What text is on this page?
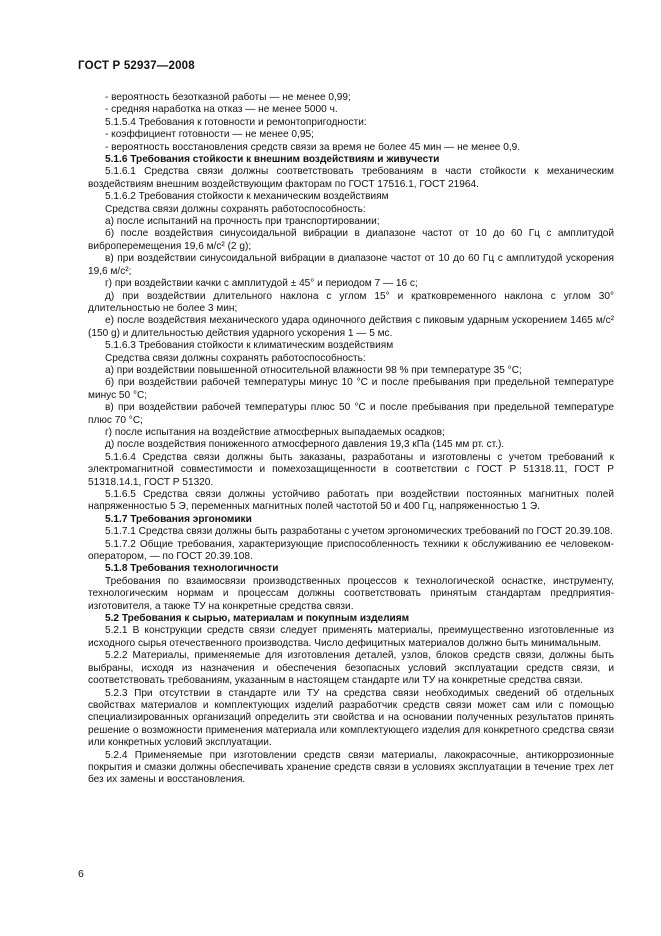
ГОСТ Р 52937—2008

- вероятность безотказной работы — не менее 0,99;

- средняя наработка на отказ — не менее 5000 ч.

5.1.5.4 Требования к готовности и ремонтопригодности:

- коэффициент готовности — не менее 0,95;

- вероятность восстановления средств связи за время не более 45 мин — не менее 0,9.

5.1.6 Требования стойкости к внешним воздействиям и живучести

5.1.6.1 Средства связи должны соответствовать требованиям в части стойкости к механическим воздействиям внешним воздействующим факторам по ГОСТ 17516.1, ГОСТ 21964.

5.1.6.2 Требования стойкости к механическим воздействиям

Средства связи должны сохранять работоспособность:

а) после испытаний на прочность при транспортировании;

б) после воздействия синусоидальной вибрации в диапазоне частот от 10 до 60 Гц с амплитудой виброперемещения 19,6 м/с² (2 g);

в) при воздействии синусоидальной вибрации в диапазоне частот от 10 до 60 Гц с амплитудой ускорения 19,6 м/с²;

г) при воздействии качки с амплитудой ± 45° и периодом 7 — 16 с;

д) при воздействии длительного наклона с углом 15° и кратковременного наклона с углом 30° длительностью не более 3 мин;

е) после воздействия механического удара одиночного действия с пиковым ударным ускорением 1465 м/с² (150 g) и длительностью действия ударного ускорения 1 — 5 мс.

5.1.6.3 Требования стойкости к климатическим воздействиям

Средства связи должны сохранять работоспособность:

а) при воздействии повышенной относительной влажности 98 % при температуре 35 °С;

б) при воздействии рабочей температуры минус 10 °С и после пребывания при предельной температуре минус 50 °С;

в) при воздействии рабочей температуры плюс 50 °С и после пребывания при предельной температуре плюс 70 °С;

г) после испытания на воздействие атмосферных выпадаемых осадков;

д) после воздействия пониженного атмосферного давления 19,3 кПа (145 мм рт. ст.).

5.1.6.4 Средства связи должны быть заказаны, разработаны и изготовлены с учетом требований к электромагнитной совместимости и помехозащищенности в соответствии с ГОСТ Р 51318.11, ГОСТ Р 51318.14.1, ГОСТ Р 51320.

5.1.6.5 Средства связи должны устойчиво работать при воздействии постоянных магнитных полей напряженностью 5 Э, переменных магнитных полей частотой 50 и 400 Гц, напряженностью 1 Э.

5.1.7 Требования эргономики

5.1.7.1 Средства связи должны быть разработаны с учетом эргономических требований по ГОСТ 20.39.108.

5.1.7.2 Общие требования, характеризующие приспособленность техники к обслуживанию ее человеком-оператором, — по ГОСТ 20.39.108.

5.1.8 Требования технологичности

Требования по взаимосвязи производственных процессов к технологической оснастке, инструменту, технологическим нормам и процессам должны соответствовать принятым стандартам предприятия-изготовителя, а также ТУ на конкретные средства связи.

5.2 Требования к сырью, материалам и покупным изделиям

5.2.1 В конструкции средств связи следует применять материалы, преимущественно изготовленные из исходного сырья отечественного производства. Число дефицитных материалов должно быть минимальным.

5.2.2 Материалы, применяемые для изготовления деталей, узлов, блоков средств связи, должны быть выбраны, исходя из назначения и обеспечения безопасных условий эксплуатации средств связи, и соответствовать требованиям, указанным в настоящем стандарте или ТУ на конкретные средства связи.

5.2.3 При отсутствии в стандарте или ТУ на средства связи необходимых сведений об отдельных свойствах материалов и комплектующих изделий разработчик средств связи может сам или с помощью специализированных организаций определить эти свойства и на основании полученных результатов принять решение о возможности применения материала или комплектующего изделия для конкретного средства связи или конкретных условий эксплуатации.

5.2.4 Применяемые при изготовлении средств связи материалы, лакокрасочные, антикоррозионные покрытия и смазки должны обеспечивать хранение средств связи в условиях эксплуатации в течение трех лет без их замены и восстановления.

6
